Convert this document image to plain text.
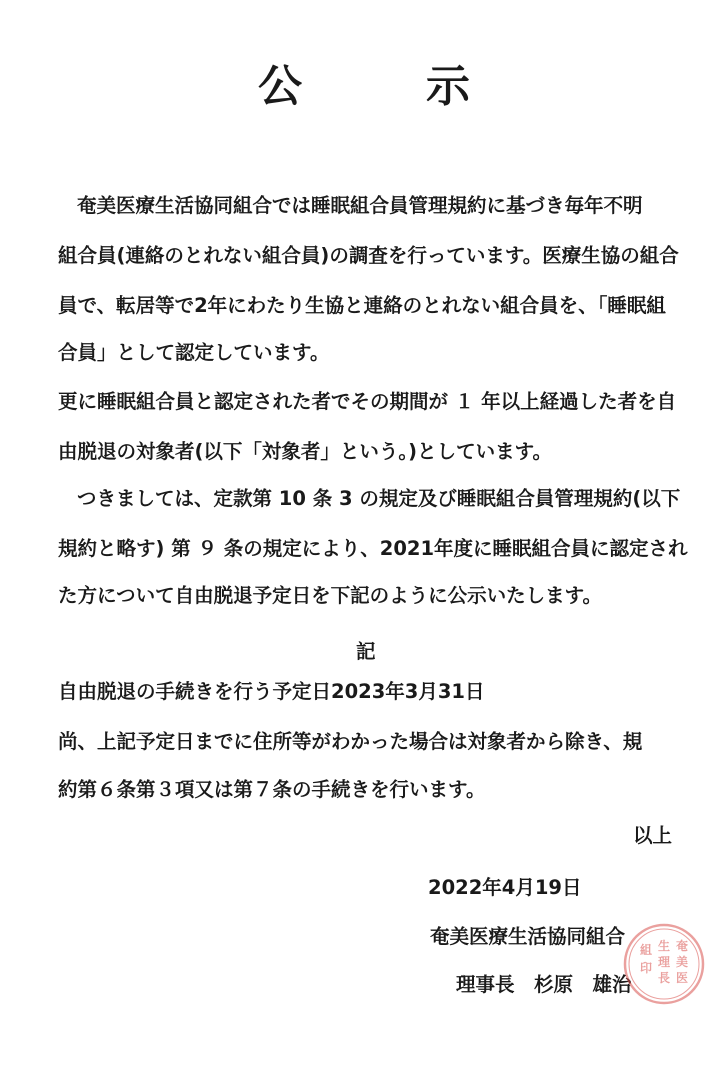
公　示
奄美医療生活協同組合では睡眠組合員管理規約に基づき毎年不明
組合員(連絡のとれない組合員)の調査を行っています。医療生協の組合
員で、転居等で2年にわたり生協と連絡のとれない組合員を、「睡眠組
合員」として認定しています。
更に睡眠組合員と認定された者でその期間が １ 年以上経過した者を自
由脱退の対象者(以下「対象者」という。)としています。
つきましては、定款第 10 条 3 の規定及び睡眠組合員管理規約(以下
規約と略す) 第 ９ 条の規定により、2021年度に睡眠組合員に認定され
た方について自由脱退予定日を下記のように公示いたします。
記
自由脱退の手続きを行う予定日2023年3月31日
尚、上記予定日までに住所等がわかった場合は対象者から除き、規
約第６条第３項又は第７条の手続きを行います。
以上
2022年4月19日
奄美医療生活協同組合
理事長　杉原　雄治
奄
美
医
生
理
長
組
印
